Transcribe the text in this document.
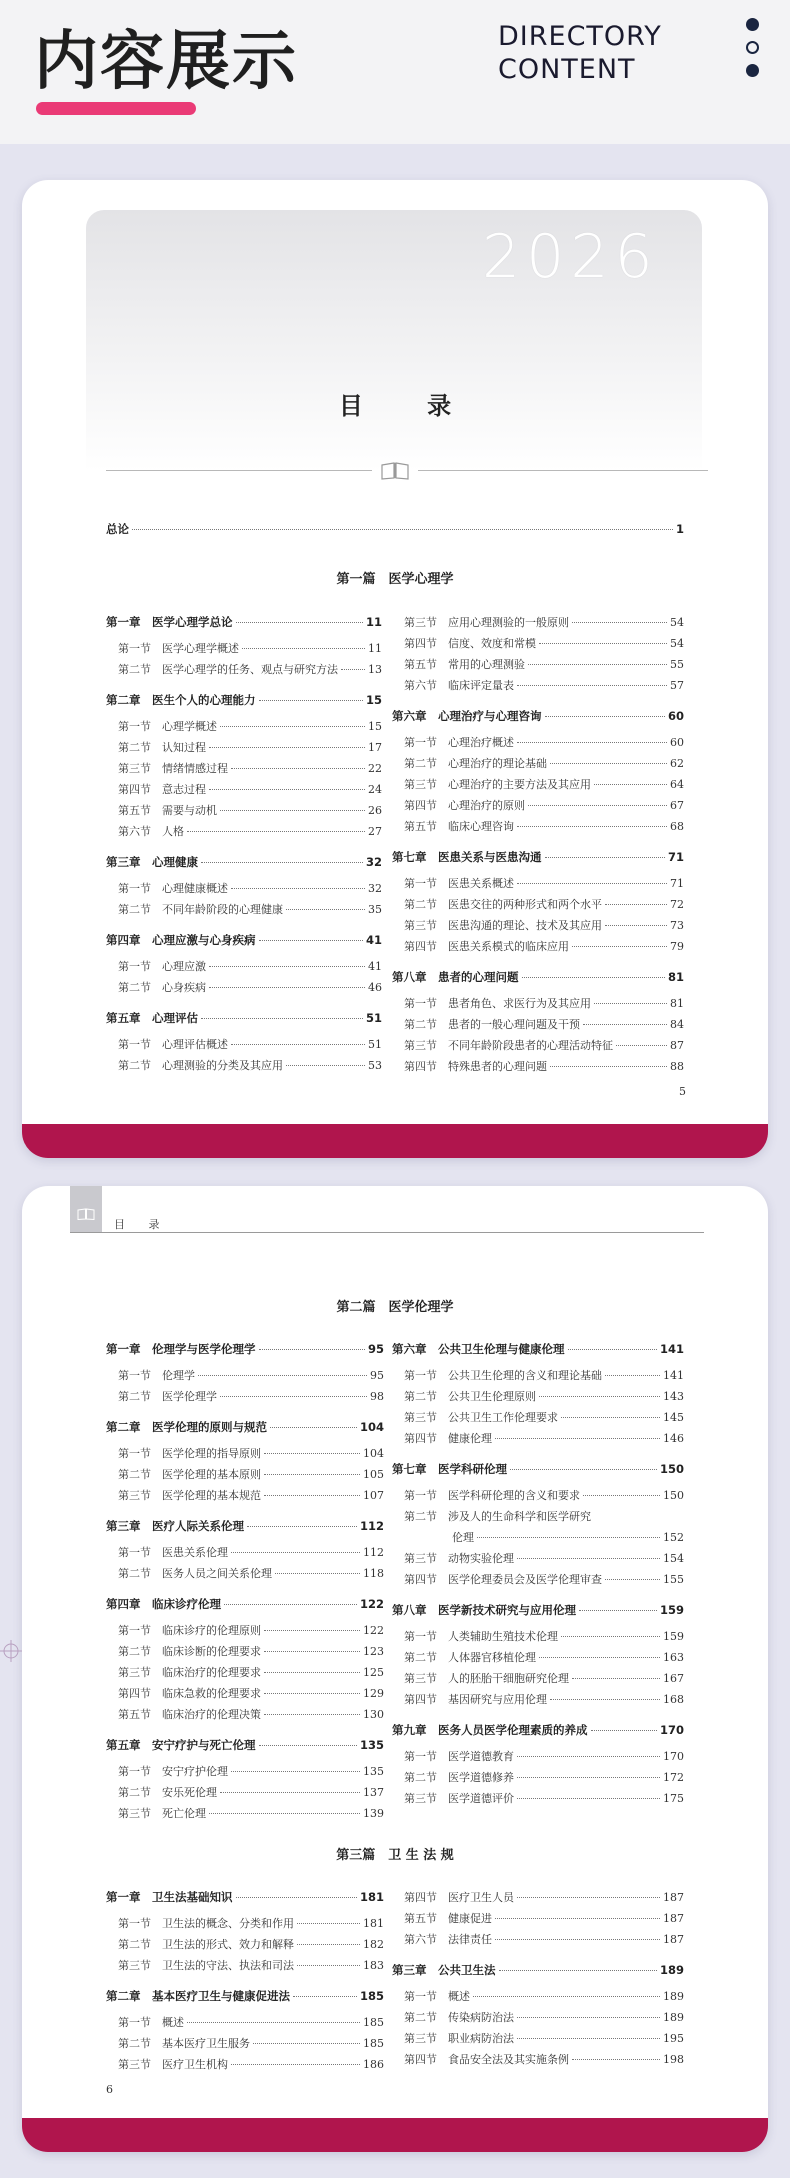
内容展示	DIRECTORY
CONTENT
2026
目 录
总论	1
第一篇　医学心理学
第一章　医学心理学总论	11
第一节　医学心理学概述	11
第二节　医学心理学的任务、观点与研究方法	13
第二章　医生个人的心理能力	15
第一节　心理学概述	15
第二节　认知过程	17
第三节　情绪情感过程	22
第四节　意志过程	24
第五节　需要与动机	26
第六节　人格	27
第三章　心理健康	32
第一节　心理健康概述	32
第二节　不同年龄阶段的心理健康	35
第四章　心理应激与心身疾病	41
第一节　心理应激	41
第二节　心身疾病	46
第五章　心理评估	51
第一节　心理评估概述	51
第二节　心理测验的分类及其应用	53
第三节　应用心理测验的一般原则	54
第四节　信度、效度和常模	54
第五节　常用的心理测验	55
第六节　临床评定量表	57
第六章　心理治疗与心理咨询	60
第一节　心理治疗概述	60
第二节　心理治疗的理论基础	62
第三节　心理治疗的主要方法及其应用	64
第四节　心理治疗的原则	67
第五节　临床心理咨询	68
第七章　医患关系与医患沟通	71
第一节　医患关系概述	71
第二节　医患交往的两种形式和两个水平	72
第三节　医患沟通的理论、技术及其应用	73
第四节　医患关系模式的临床应用	79
第八章　患者的心理问题	81
第一节　患者角色、求医行为及其应用	81
第二节　患者的一般心理问题及干预	84
第三节　不同年龄阶段患者的心理活动特征	87
第四节　特殊患者的心理问题	88
5
目 录
第二篇　医学伦理学
第一章　伦理学与医学伦理学	95
第一节　伦理学	95
第二节　医学伦理学	98
第二章　医学伦理的原则与规范	104
第一节　医学伦理的指导原则	104
第二节　医学伦理的基本原则	105
第三节　医学伦理的基本规范	107
第三章　医疗人际关系伦理	112
第一节　医患关系伦理	112
第二节　医务人员之间关系伦理	118
第四章　临床诊疗伦理	122
第一节　临床诊疗的伦理原则	122
第二节　临床诊断的伦理要求	123
第三节　临床治疗的伦理要求	125
第四节　临床急救的伦理要求	129
第五节　临床治疗的伦理决策	130
第五章　安宁疗护与死亡伦理	135
第一节　安宁疗护伦理	135
第二节　安乐死伦理	137
第三节　死亡伦理	139
第六章　公共卫生伦理与健康伦理	141
第一节　公共卫生伦理的含义和理论基础	141
第二节　公共卫生伦理原则	143
第三节　公共卫生工作伦理要求	145
第四节　健康伦理	146
第七章　医学科研伦理	150
第一节　医学科研伦理的含义和要求	150
第二节　涉及人的生命科学和医学研究
伦理	152
第三节　动物实验伦理	154
第四节　医学伦理委员会及医学伦理审查	155
第八章　医学新技术研究与应用伦理	159
第一节　人类辅助生殖技术伦理	159
第二节　人体器官移植伦理	163
第三节　人的胚胎干细胞研究伦理	167
第四节　基因研究与应用伦理	168
第九章　医务人员医学伦理素质的养成	170
第一节　医学道德教育	170
第二节　医学道德修养	172
第三节　医学道德评价	175
第三篇　卫 生 法 规
第一章　卫生法基础知识	181
第一节　卫生法的概念、分类和作用	181
第二节　卫生法的形式、效力和解释	182
第三节　卫生法的守法、执法和司法	183
第二章　基本医疗卫生与健康促进法	185
第一节　概述	185
第二节　基本医疗卫生服务	185
第三节　医疗卫生机构	186
第四节　医疗卫生人员	187
第五节　健康促进	187
第六节　法律责任	187
第三章　公共卫生法	189
第一节　概述	189
第二节　传染病防治法	189
第三节　职业病防治法	195
第四节　食品安全法及其实施条例	198
6
